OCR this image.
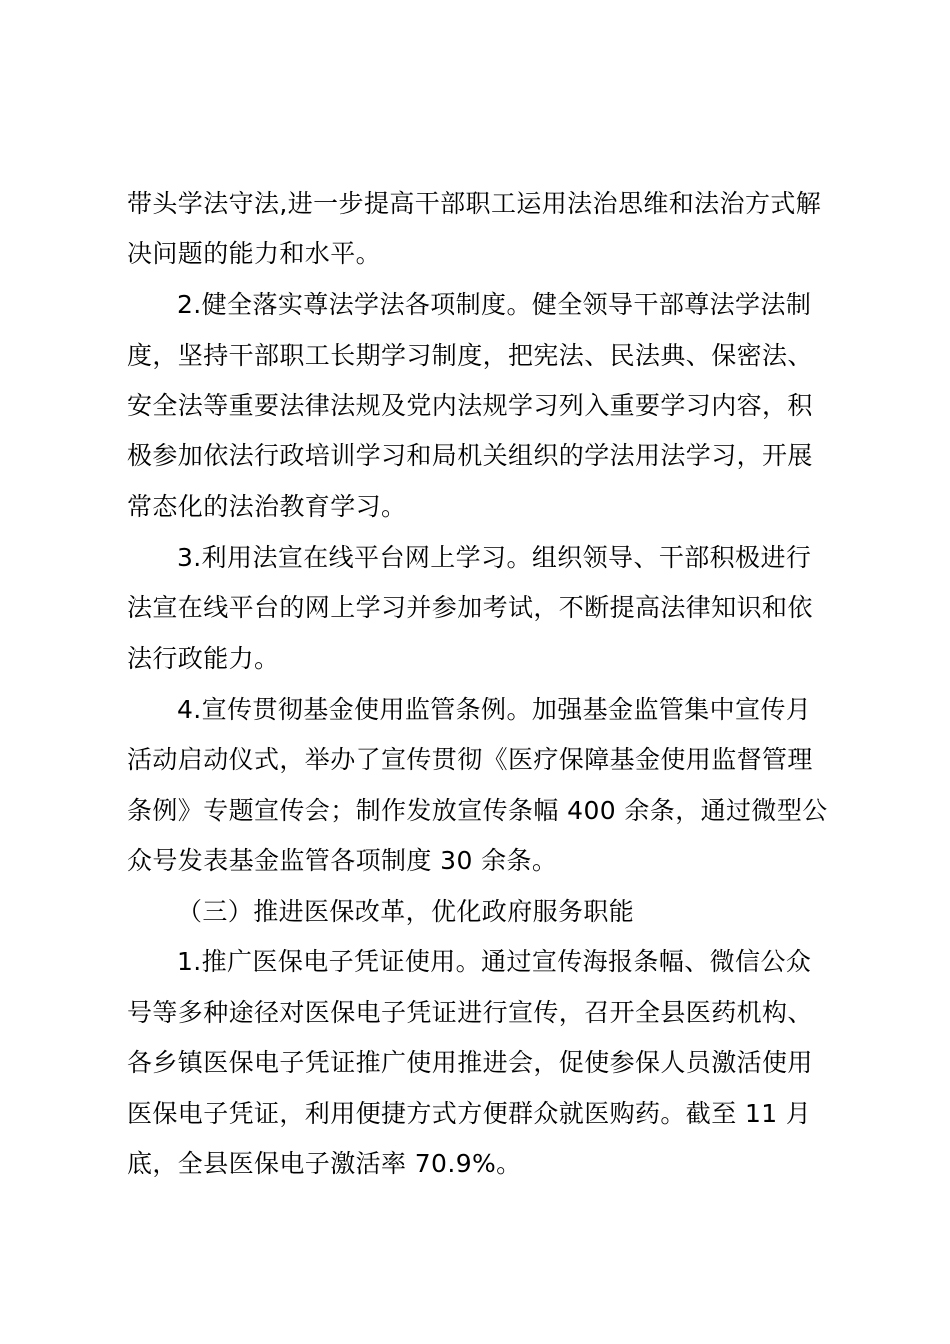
带头学法守法,进一步提高干部职工运用法治思维和法治方式解
决问题的能力和水平。
2.健全落实尊法学法各项制度。健全领导干部尊法学法制
度，坚持干部职工长期学习制度，把宪法、民法典、保密法、
安全法等重要法律法规及党内法规学习列入重要学习内容，积
极参加依法行政培训学习和局机关组织的学法用法学习，开展
常态化的法治教育学习。
3.利用法宣在线平台网上学习。组织领导、干部积极进行
法宣在线平台的网上学习并参加考试，不断提高法律知识和依
法行政能力。
4.宣传贯彻基金使用监管条例。加强基金监管集中宣传月
活动启动仪式，举办了宣传贯彻《医疗保障基金使用监督管理
条例》专题宣传会；制作发放宣传条幅 400 余条，通过微型公
众号发表基金监管各项制度 30 余条。
（三）推进医保改革，优化政府服务职能
1.推广医保电子凭证使用。通过宣传海报条幅、微信公众
号等多种途径对医保电子凭证进行宣传，召开全县医药机构、
各乡镇医保电子凭证推广使用推进会，促使参保人员激活使用
医保电子凭证，利用便捷方式方便群众就医购药。截至 11 月
底，全县医保电子激活率 70.9%。
